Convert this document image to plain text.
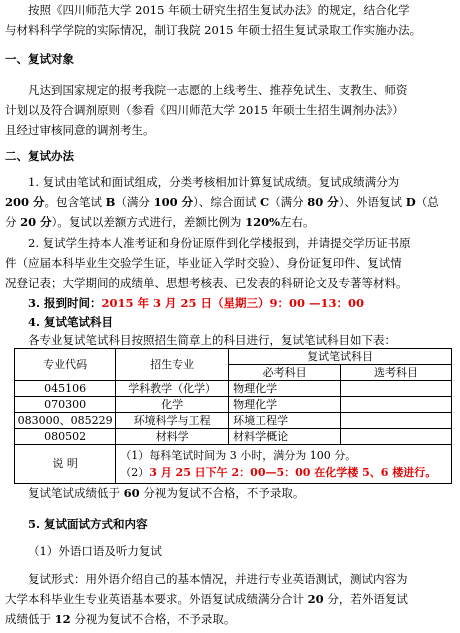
按照《四川师范大学 2015 年硕士研究生招生复试办法》的规定，结合化学
与材料科学学院的实际情况，制订我院 2015 年硕士招生复试录取工作实施办法。
一、复试对象
凡达到国家规定的报考我院一志愿的上线考生、推荐免试生、支教生、师资
计划以及符合调剂原则（参看《四川师范大学 2015 年硕士生招生调剂办法》）
且经过审核同意的调剂考生。
二、复试办法
1. 复试由笔试和面试组成，分类考核相加计算复试成绩。复试成绩满分为
200 分。包含笔试 B（满分 100 分）、综合面试 C（满分 80 分）、外语复试 D（总
分 20 分）。复试以差额方式进行，差额比例为 120%左右。
2. 复试学生持本人准考证和身份证原件到化学楼报到，并请提交学历证书原
件（应届本科毕业生交验学生证，毕业证入学时交验）、身份证复印件、复试情
况登记表；大学期间的成绩单、思想考核表、已发表的科研论文及专著等材料。
3. 报到时间：2015 年 3 月 25 日（星期三）9：00 —13：00
4. 复试笔试科目
各专业复试笔试科目按照招生简章上的科目进行，复试笔试科目如下表：
专业代码	招生专业	复试笔试科目	
		必考科目	选考科目
045106	学科教学（化学）	物理化学	
070300	化学	物理化学	
083000、085229	环境科学与工程	环境工程学	
080502	材料学	材料学概论	
说 明	（1）每科笔试时间为 3 小时，满分为 100 分。
（2）3 月 25 日下午 2：00—5：00 在化学楼 5、6 楼进行。		
复试笔试成绩低于 60 分视为复试不合格，不予录取。
5. 复试面试方式和内容
（1）外语口语及听力复试
复试形式：用外语介绍自己的基本情况，并进行专业英语测试，测试内容为
大学本科毕业生专业英语基本要求。外语复试成绩满分合计 20 分，若外语复试
成绩低于 12 分视为复试不合格，不予录取。
